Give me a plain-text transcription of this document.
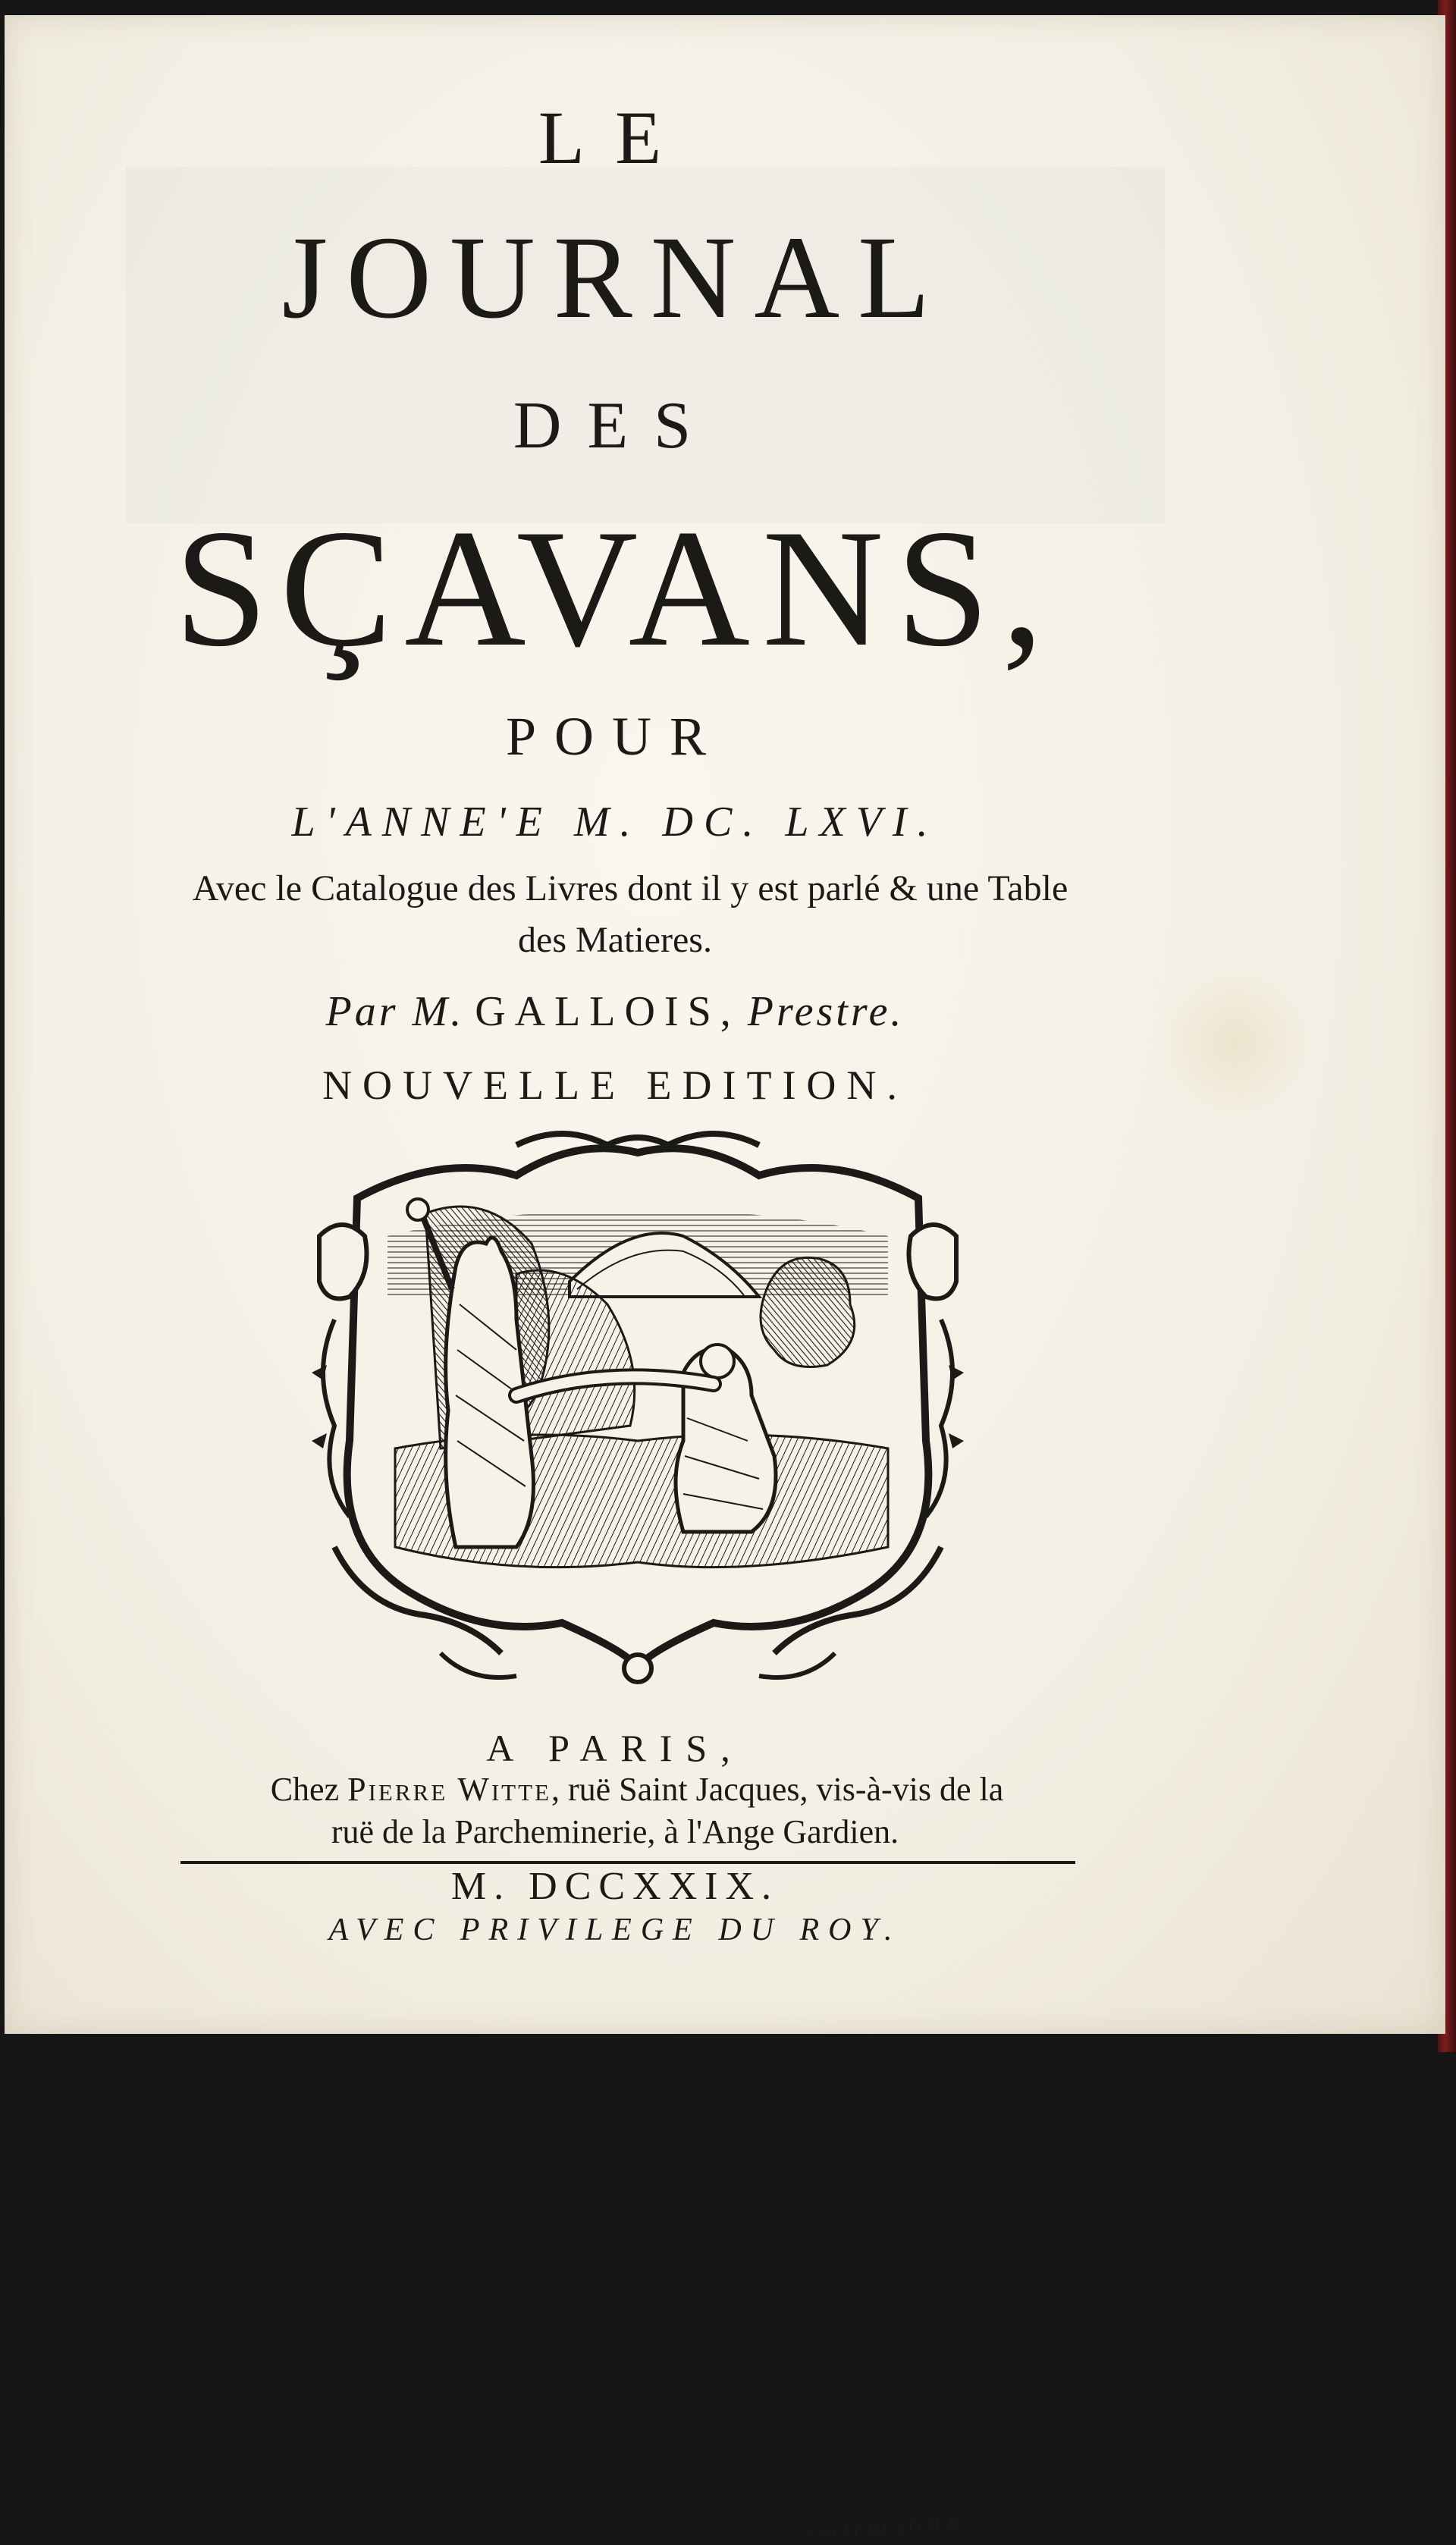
LE
JOURNAL
DES
SÇAVANS,
POUR
L'ANNE'E M. DC. LXVI.
Avec le Catalogue des Livres dont il y est parlé & une Table
des Matieres.
Par M. GALLOIS, Prestre.
NOUVELLE EDITION.
NULLI MENTITUR
A PARIS,
Chez Pierre Witte, ruë Saint Jacques, vis-à-vis de la
ruë de la Parcheminerie, à l'Ange Gardien.
M. DCCXXIX.
AVEC PRIVILEGE DU ROY.
